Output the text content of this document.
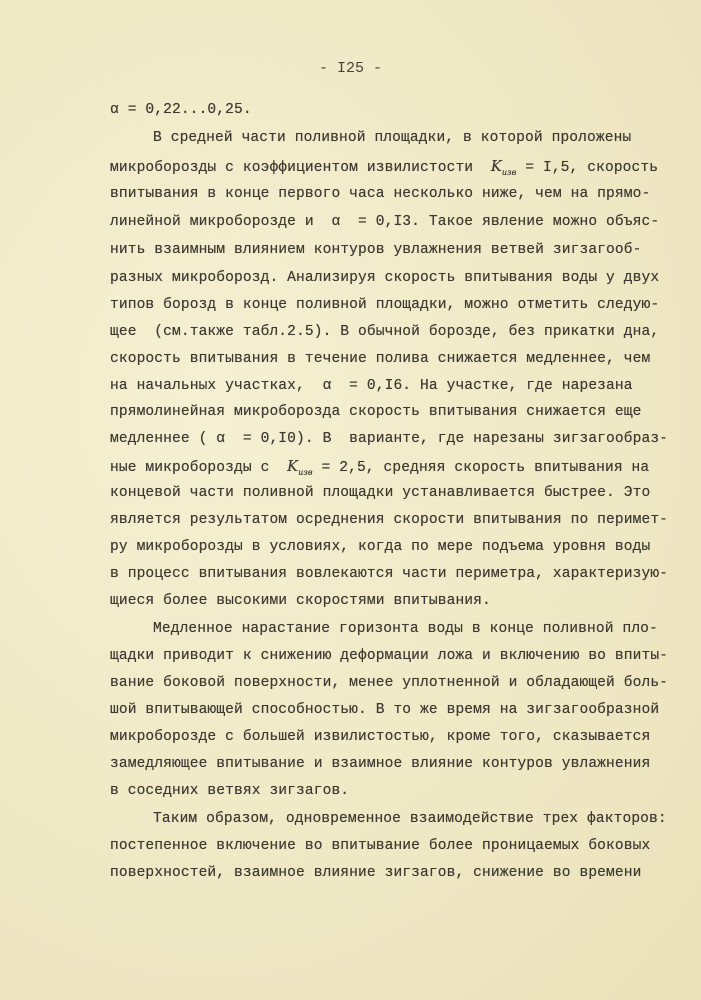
- I25 -
α = 0,22...0,25.
В средней части поливной площадки, в которой проложены
микроборозды с коэффициентом извилистости  $K_{изв} = I,5$, скорость
впитывания в конце первого часа несколько ниже, чем на прямо-
линейной микроборозде и  α  = 0,I3. Такое явление можно объяс-
нить взаимным влиянием контуров увлажнения ветвей зигзагооб-
разных микроборозд. Анализируя скорость впитывания воды у двух
типов борозд в конце поливной площадки, можно отметить следую-
щее  (см.также табл.2.5). В обычной борозде, без прикатки дна,
скорость впитывания в течение полива снижается медленнее, чем
на начальных участках,  α  = 0,I6. На участке, где нарезана
прямолинейная микроборозда скорость впитывания снижается еще
медленнее ( α  = 0,I0). В  варианте, где нарезаны зигзагообраз-
ные микроборозды с  $K_{изв} = 2,5$, средняя скорость впитывания на
концевой части поливной площадки устанавливается быстрее. Это
является результатом осреднения скорости впитывания по перимет-
ру микроборозды в условиях, когда по мере подъема уровня воды
в процесс впитывания вовлекаются части периметра, характеризую-
щиеся более высокими скоростями впитывания.
Медленное нарастание горизонта воды в конце поливной пло-
щадки приводит к снижению деформации ложа и включению во впиты-
вание боковой поверхности, менее уплотненной и обладающей боль-
шой впитывающей способностью. В то же время на зигзагообразной
микроборозде с большей извилистостью, кроме того, сказывается
замедляющее впитывание и взаимное влияние контуров увлажнения
в соседних ветвях зигзагов.
Таким образом, одновременное взаимодействие трех факторов:
постепенное включение во впитывание более проницаемых боковых
поверхностей, взаимное влияние зигзагов, снижение во времени
